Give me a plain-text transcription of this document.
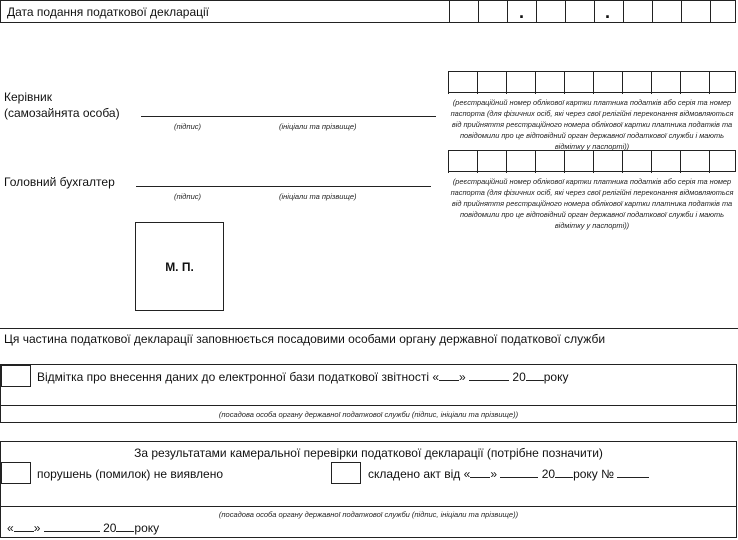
Дата подання податкової декларації	.	.
Керівник
(самозайнята особа)
(підпис)	(ініціали та прізвище)
(реєстраційний номер облікової картки платника податків або серія та номер паспорта (для фізичних осіб, які через свої релігійні переконання відмовляються від прийняття реєстраційного номера облікової картки платника податків та повідомили про це відповідний орган державної податкової служби і мають відмітку у паспорті))
Головний бухгалтер
(підпис)	(ініціали та прізвище)
(реєстраційний номер облікової картки платника податків або серія та номер паспорта (для фізичних осіб, які через свої релігійні переконання відмовляються від прийняття реєстраційного номера облікової картки платника податків та повідомили про це відповідний орган державної податкової служби і мають відмітку у паспорті))
М. П.
Ця частина податкової декларації заповнюється посадовими особами органу державної податкової служби
Відмітка про внесення даних до електронної бази податкової звітності « »	20 року
(посадова особа органу державної податкової служби (підпис, ініціали та прізвище))
За результатами камеральної перевірки податкової декларації (потрібне позначити)
порушень (помилок) не виявлено	складено акт від « »	20 року №
(посадова особа органу державної податкової служби (підпис, ініціали та прізвище))
« »	20 року
